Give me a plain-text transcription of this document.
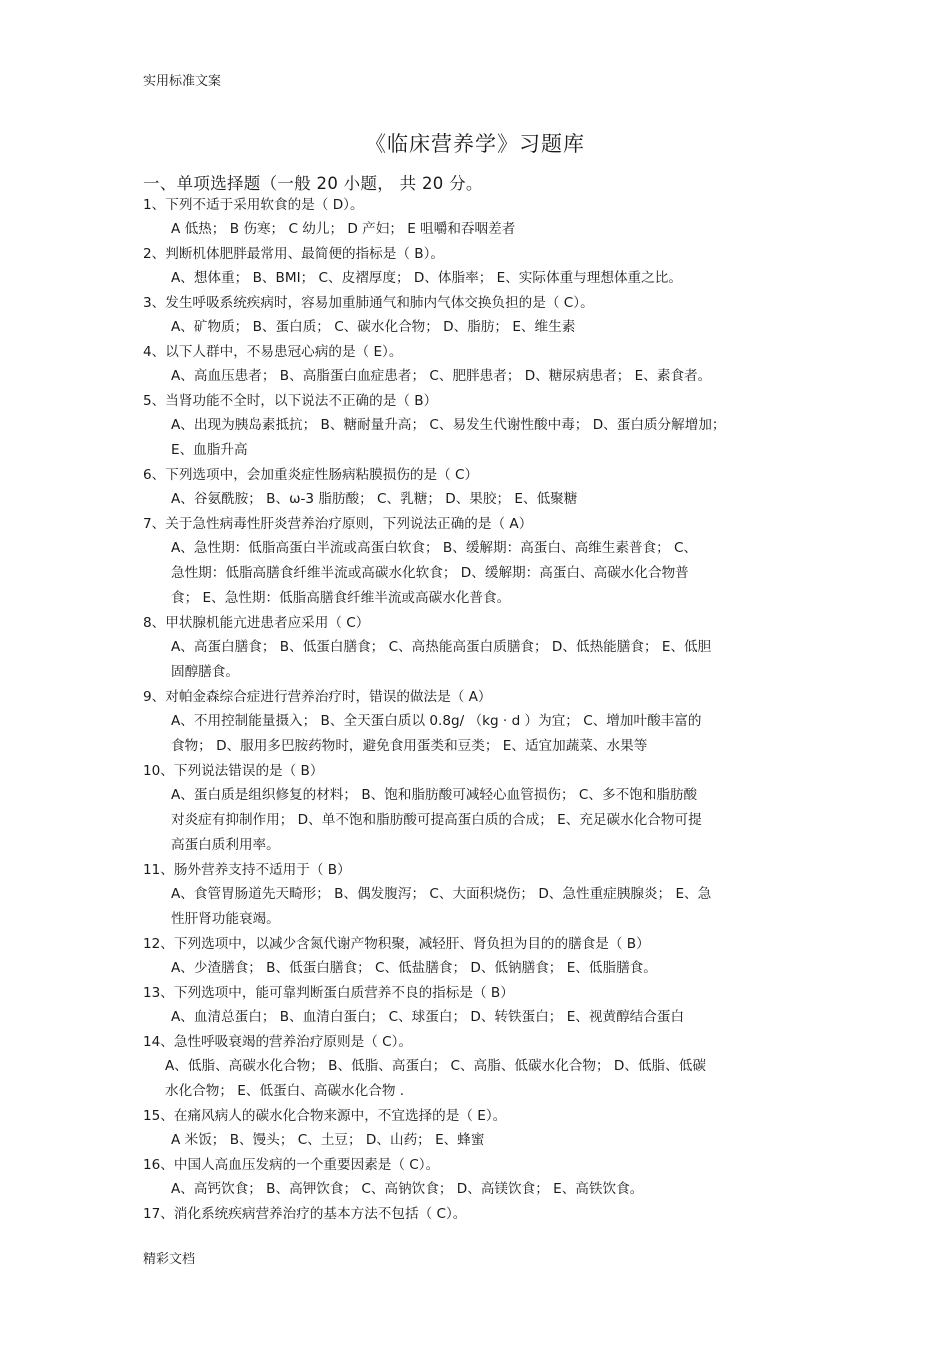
实用标准文案
《临床营养学》习题库
一、单项选择题（一般 20 小题， 共 20 分。
1、下列不适于采用软食的是（ D）。
A 低热； B 伤寒； C 幼儿； D 产妇； E 咀嚼和吞咽差者
2、判断机体肥胖最常用、最简便的指标是（ B）。
A、想体重； B、BMI； C、皮褶厚度； D、体脂率； E、实际体重与理想体重之比。
3、发生呼吸系统疾病时，容易加重肺通气和肺内气体交换负担的是（ C）。
A、矿物质； B、蛋白质； C、碳水化合物； D、脂肪； E、维生素
4、以下人群中，不易患冠心病的是（ E）。
A、高血压患者； B、高脂蛋白血症患者； C、肥胖患者； D、糖尿病患者； E、素食者。
5、当肾功能不全时，以下说法不正确的是（ B）
A、出现为胰岛素抵抗； B、糖耐量升高； C、易发生代谢性酸中毒； D、蛋白质分解增加；
E、血脂升高
6、下列选项中，会加重炎症性肠病粘膜损伤的是（ C）
A、谷氨酰胺； B、ω-3 脂肪酸； C、乳糖； D、果胶； E、低聚糖
7、关于急性病毒性肝炎营养治疗原则，下列说法正确的是（ A）
A、急性期：低脂高蛋白半流或高蛋白软食； B、缓解期：高蛋白、高维生素普食； C、
急性期：低脂高膳食纤维半流或高碳水化软食； D、缓解期：高蛋白、高碳水化合物普
食； E、急性期：低脂高膳食纤维半流或高碳水化普食。
8、甲状腺机能亢进患者应采用（ C）
A、高蛋白膳食； B、低蛋白膳食； C、高热能高蛋白质膳食； D、低热能膳食； E、低胆
固醇膳食。
9、对帕金森综合症进行营养治疗时，错误的做法是（ A）
A、不用控制能量摄入； B、全天蛋白质以 0.8g/ （kg · d ）为宜； C、增加叶酸丰富的
食物； D、服用多巴胺药物时，避免食用蛋类和豆类； E、适宜加蔬菜、水果等
10、下列说法错误的是（ B）
A、蛋白质是组织修复的材料； B、饱和脂肪酸可减轻心血管损伤； C、多不饱和脂肪酸
对炎症有抑制作用； D、单不饱和脂肪酸可提高蛋白质的合成； E、充足碳水化合物可提
高蛋白质利用率。
11、肠外营养支持不适用于（ B）
A、食管胃肠道先天畸形； B、偶发腹泻； C、大面积烧伤； D、急性重症胰腺炎； E、急
性肝肾功能衰竭。
12、下列选项中，以减少含氮代谢产物积聚，减轻肝、肾负担为目的的膳食是（ B）
A、少渣膳食； B、低蛋白膳食； C、低盐膳食； D、低钠膳食； E、低脂膳食。
13、下列选项中，能可靠判断蛋白质营养不良的指标是（ B）
A、血清总蛋白； B、血清白蛋白； C、球蛋白； D、转铁蛋白； E、视黄醇结合蛋白
14、急性呼吸衰竭的营养治疗原则是（ C）。
A、低脂、高碳水化合物； B、低脂、高蛋白； C、高脂、低碳水化合物； D、低脂、低碳
水化合物； E、低蛋白、高碳水化合物 .
15、在痛风病人的碳水化合物来源中，不宜选择的是（ E）。
A 米饭； B、馒头； C、土豆； D、山药； E、蜂蜜
16、中国人高血压发病的一个重要因素是（ C）。
A、高钙饮食； B、高钾饮食； C、高钠饮食； D、高镁饮食； E、高铁饮食。
17、消化系统疾病营养治疗的基本方法不包括（ C）。
精彩文档
